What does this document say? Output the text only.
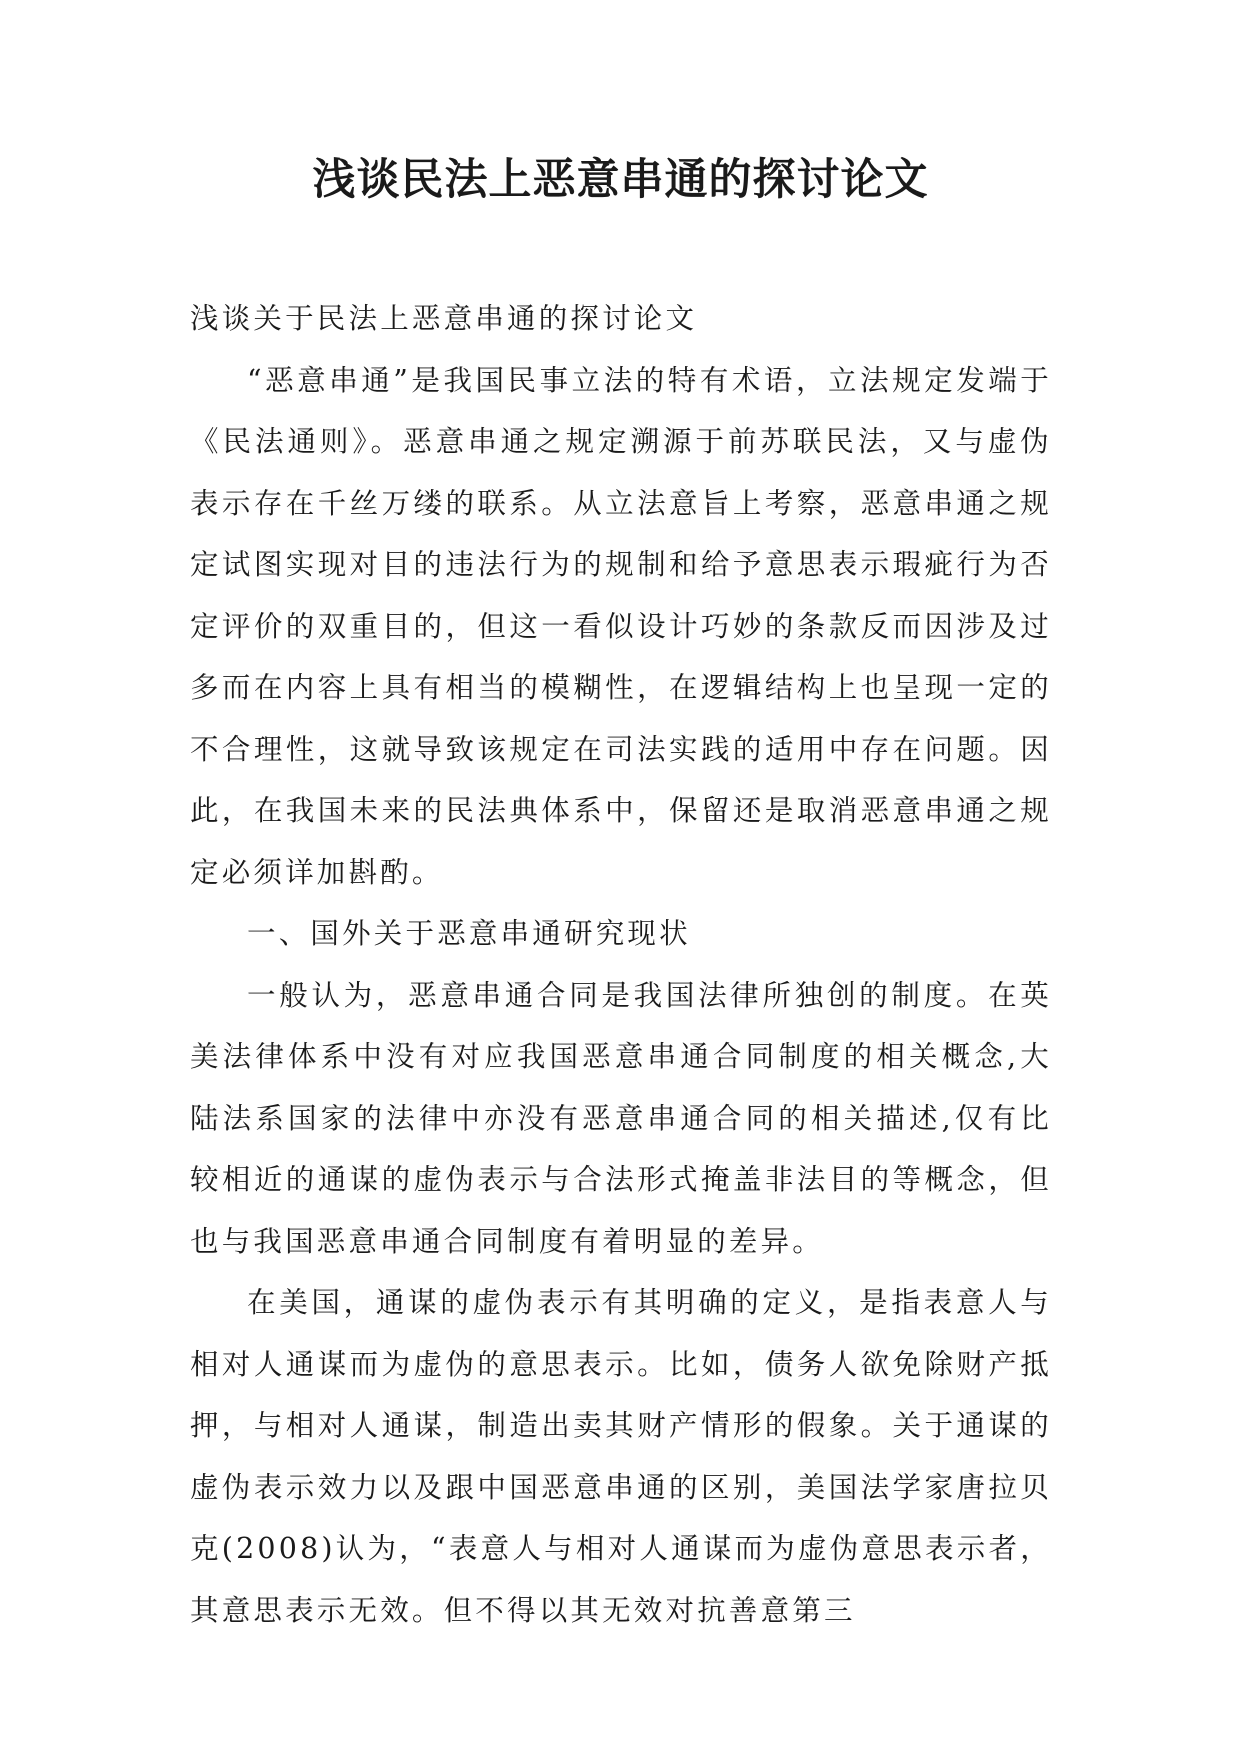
浅谈民法上恶意串通的探讨论文

浅谈关于民法上恶意串通的探讨论文

“恶意串通”是我国民事立法的特有术语，立法规定发端于《民法通则》。恶意串通之规定溯源于前苏联民法，又与虚伪表示存在千丝万缕的联系。从立法意旨上考察，恶意串通之规定试图实现对目的违法行为的规制和给予意思表示瑕疵行为否定评价的双重目的，但这一看似设计巧妙的条款反而因涉及过多而在内容上具有相当的模糊性，在逻辑结构上也呈现一定的不合理性，这就导致该规定在司法实践的适用中存在问题。因此，在我国未来的民法典体系中，保留还是取消恶意串通之规定必须详加斟酌。

一、国外关于恶意串通研究现状

一般认为，恶意串通合同是我国法律所独创的制度。在英美法律体系中没有对应我国恶意串通合同制度的相关概念,大陆法系国家的法律中亦没有恶意串通合同的相关描述,仅有比较相近的通谋的虚伪表示与合法形式掩盖非法目的等概念，但也与我国恶意串通合同制度有着明显的差异。

在美国，通谋的虚伪表示有其明确的定义，是指表意人与相对人通谋而为虚伪的意思表示。比如，债务人欲免除财产抵押，与相对人通谋，制造出卖其财产情形的假象。关于通谋的虚伪表示效力以及跟中国恶意串通的区别，美国法学家唐拉贝克(2008)认为，“表意人与相对人通谋而为虚伪意思表示者，其意思表示无效。但不得以其无效对抗善意第三
